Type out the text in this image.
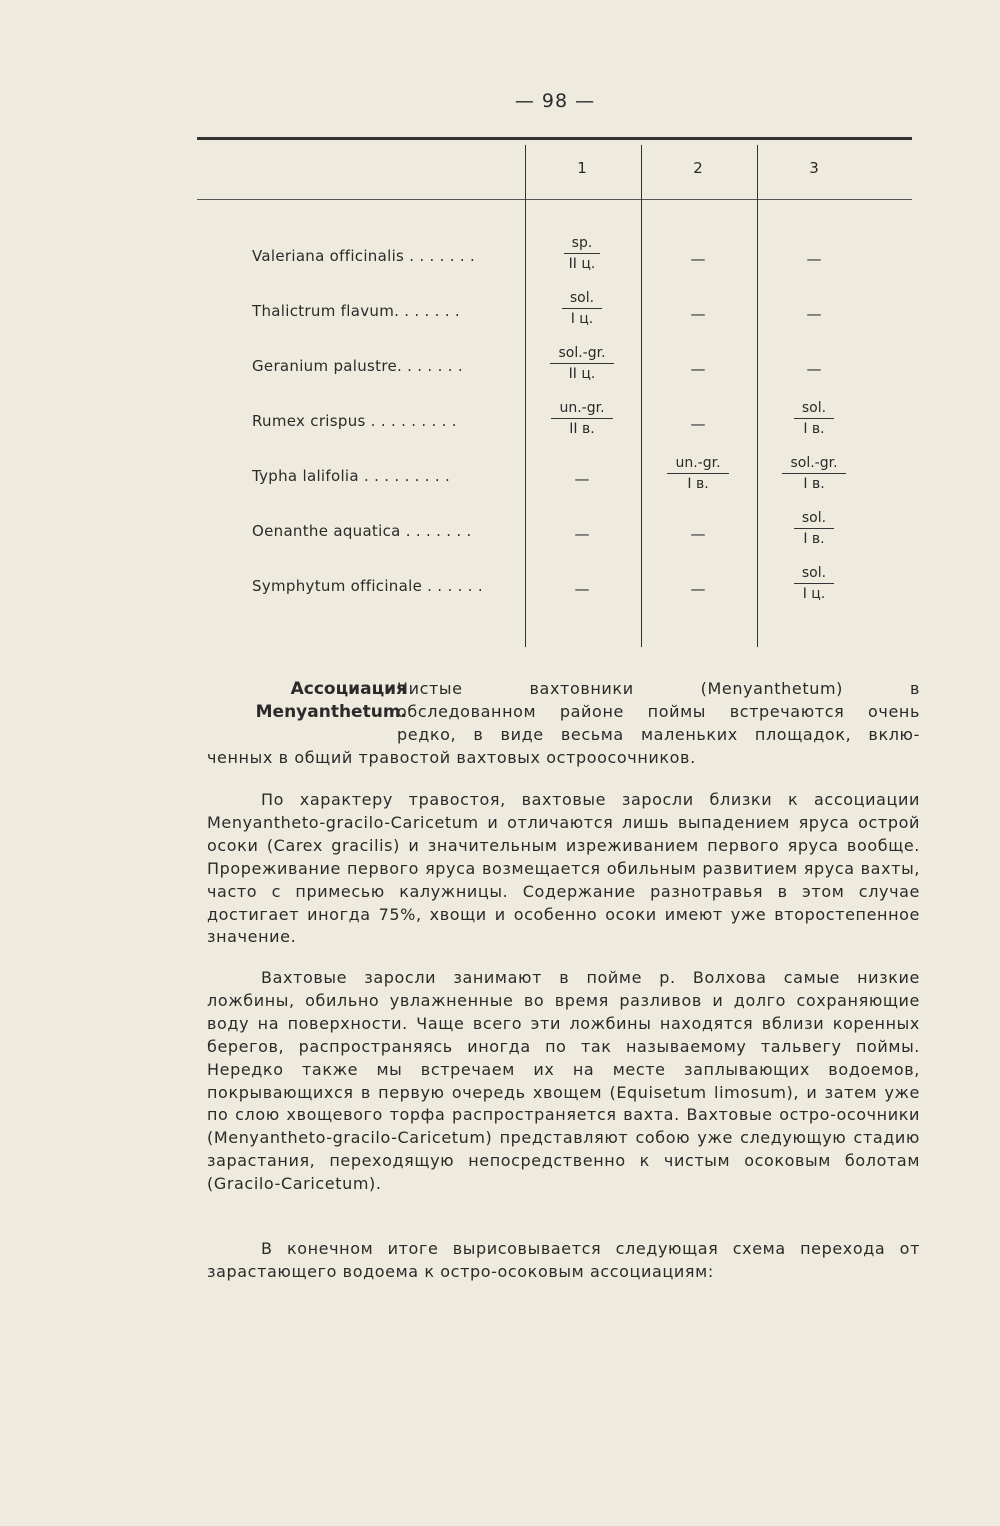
— 98 —
1	2	3
Valeriana officinalis . . . . . . .	$\frac{sp.}{\text{II ц.}}$	—	—
Thalictrum flavum. . . . . . .	$\frac{\text{sol.}}{\text{I ц.}}$	—	—
Geranium palustre. . . . . . .	$\frac{\text{sol.-gr.}}{\text{II ц.}}$	—	—
Rumex crispus . . . . . . . . .	$\frac{un.-gr.}{\text{II в.}}$	—	$\frac{\text{sol.}}{\text{I в.}}$
Typha lalifolia . . . . . . . . .	—	$\frac{un.-gr.}{\text{I в.}}$	$\frac{\text{sol.-gr.}}{\text{I в.}}$
Oenanthe aquatica . . . . . . .	—	—	$\frac{\text{sol.}}{\text{I в.}}$
Symphytum officinale . . . . . .	—	—	$\frac{\text{sol.}}{\text{I ц.}}$
Ассоциация Menyanthetum.
Чистые вахтовники (Menyanthetum) в
обследованном районе поймы встречаются очень
редко, в виде весьма маленьких площадок, вклю-
ченных в общий травостой вахтовых острoосочников.
По характеру травостоя, вахтовые заросли близки к ассоциации Menyantheto-gracilo-Caricetum и отличаются лишь выпадением яруса острой осоки (Carex gracilis) и значительным изреживанием первого яруса вообще. Прореживание первого яруса возмещается обильным развитием яруса вахты, часто с примесью калужницы. Содержание разнотравья в этом случае достигает иногда 75%, хвощи и особенно осоки имеют уже второстепенное значение.
Вахтовые заросли занимают в пойме р. Волхова самые низкие ложбины, обильно увлажненные во время разливов и долго сохраняющие воду на поверхности. Чаще всего эти ложбины находятся вблизи коренных берегов, распространяясь иногда по так называемому тальвегу поймы. Нередко также мы встречаем их на месте заплывающих водоемов, покрывающихся в первую очередь хвощем (Equisetum limosum), и затем уже по слою хвощевого торфа распространяется вахта. Вахтовые остро-осочники (Menyantheto-gracilo-Caricetum) представляют собою уже следующую стадию зарастания, переходящую непосредственно к чистым осоковым болотам (Gracilo-Caricetum).
В конечном итоге вырисовывается следующая схема перехода от зарастающего водоема к остро-осоковым ассоциациям:
